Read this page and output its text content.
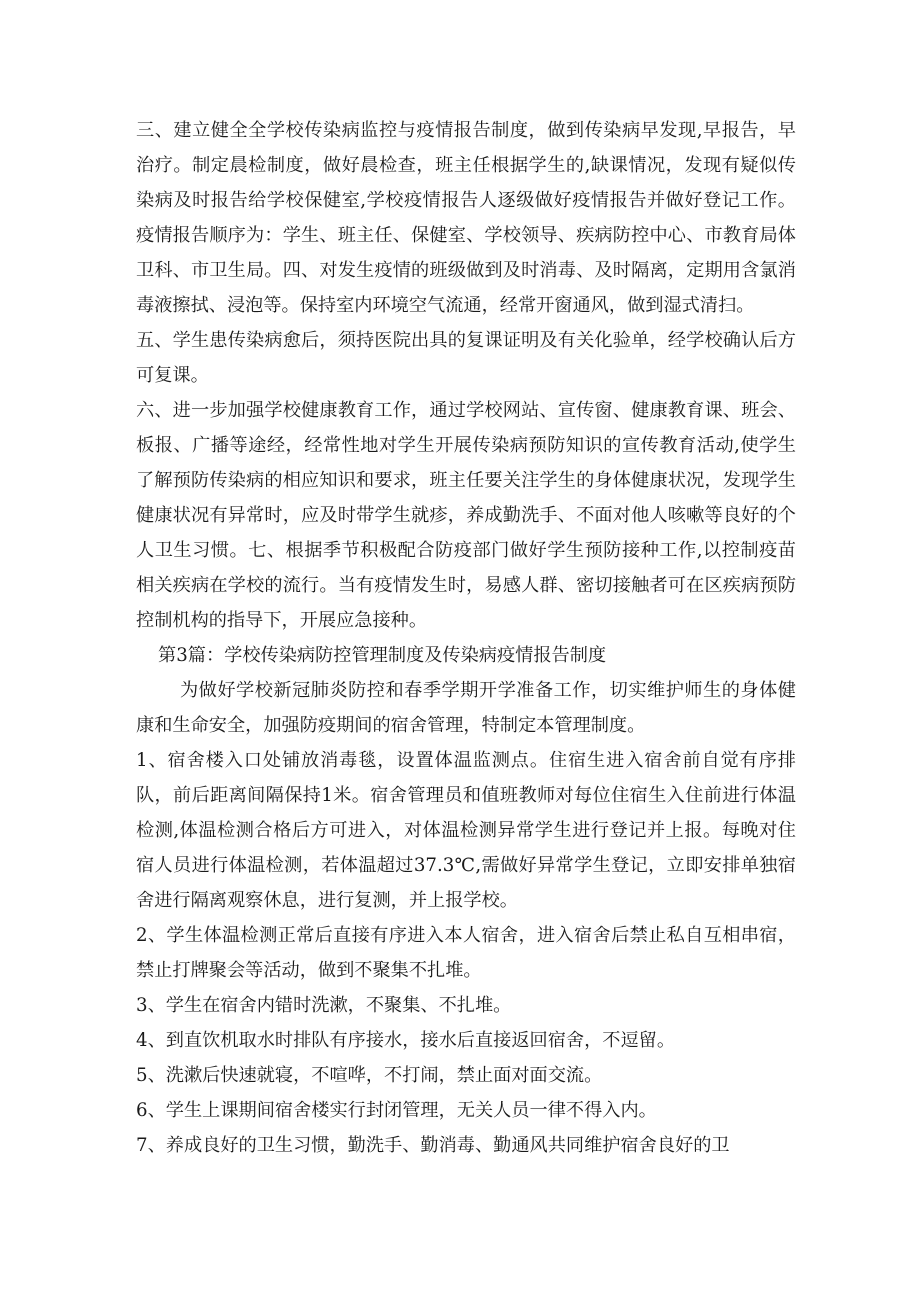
三、建立健全全学校传染病监控与疫情报告制度，做到传染病早发现,早报告，早治疗。制定晨检制度，做好晨检查，班主任根据学生的,缺课情况，发现有疑似传染病及时报告给学校保健室,学校疫情报告人逐级做好疫情报告并做好登记工作。疫情报告顺序为：学生、班主任、保健室、学校领导、疾病防控中心、市教育局体卫科、市卫生局。四、对发生疫情的班级做到及时消毒、及时隔离，定期用含氯消毒液擦拭、浸泡等。保持室内环境空气流通，经常开窗通风，做到湿式清扫。

五、学生患传染病愈后，须持医院出具的复课证明及有关化验单，经学校确认后方可复课。

六、进一步加强学校健康教育工作，通过学校网站、宣传窗、健康教育课、班会、板报、广播等途经，经常性地对学生开展传染病预防知识的宣传教育活动,使学生了解预防传染病的相应知识和要求，班主任要关注学生的身体健康状况，发现学生健康状况有异常时，应及时带学生就疹，养成勤洗手、不面对他人咳嗽等良好的个人卫生习惯。七、根据季节积极配合防疫部门做好学生预防接种工作,以控制疫苗相关疾病在学校的流行。当有疫情发生时，易感人群、密切接触者可在区疾病预防控制机构的指导下，开展应急接种。

第3篇：学校传染病防控管理制度及传染病疫情报告制度

为做好学校新冠肺炎防控和春季学期开学准备工作，切实维护师生的身体健康和生命安全，加强防疫期间的宿舍管理，特制定本管理制度。

1、宿舍楼入口处铺放消毒毯，设置体温监测点。住宿生进入宿舍前自觉有序排队，前后距离间隔保持1米。宿舍管理员和值班教师对每位住宿生入住前进行体温检测,体温检测合格后方可进入，对体温检测异常学生进行登记并上报。每晚对住宿人员进行体温检测，若体温超过37.3℃,需做好异常学生登记，立即安排单独宿舍进行隔离观察休息，进行复测，并上报学校。

2、学生体温检测正常后直接有序进入本人宿舍，进入宿舍后禁止私自互相串宿，禁止打牌聚会等活动，做到不聚集不扎堆。

3、学生在宿舍内错时洗漱，不聚集、不扎堆。

4、到直饮机取水时排队有序接水，接水后直接返回宿舍，不逗留。

5、洗漱后快速就寝，不喧哗，不打闹，禁止面对面交流。

6、学生上课期间宿舍楼实行封闭管理，无关人员一律不得入内。

7、养成良好的卫生习惯，勤洗手、勤消毒、勤通风共同维护宿舍良好的卫
